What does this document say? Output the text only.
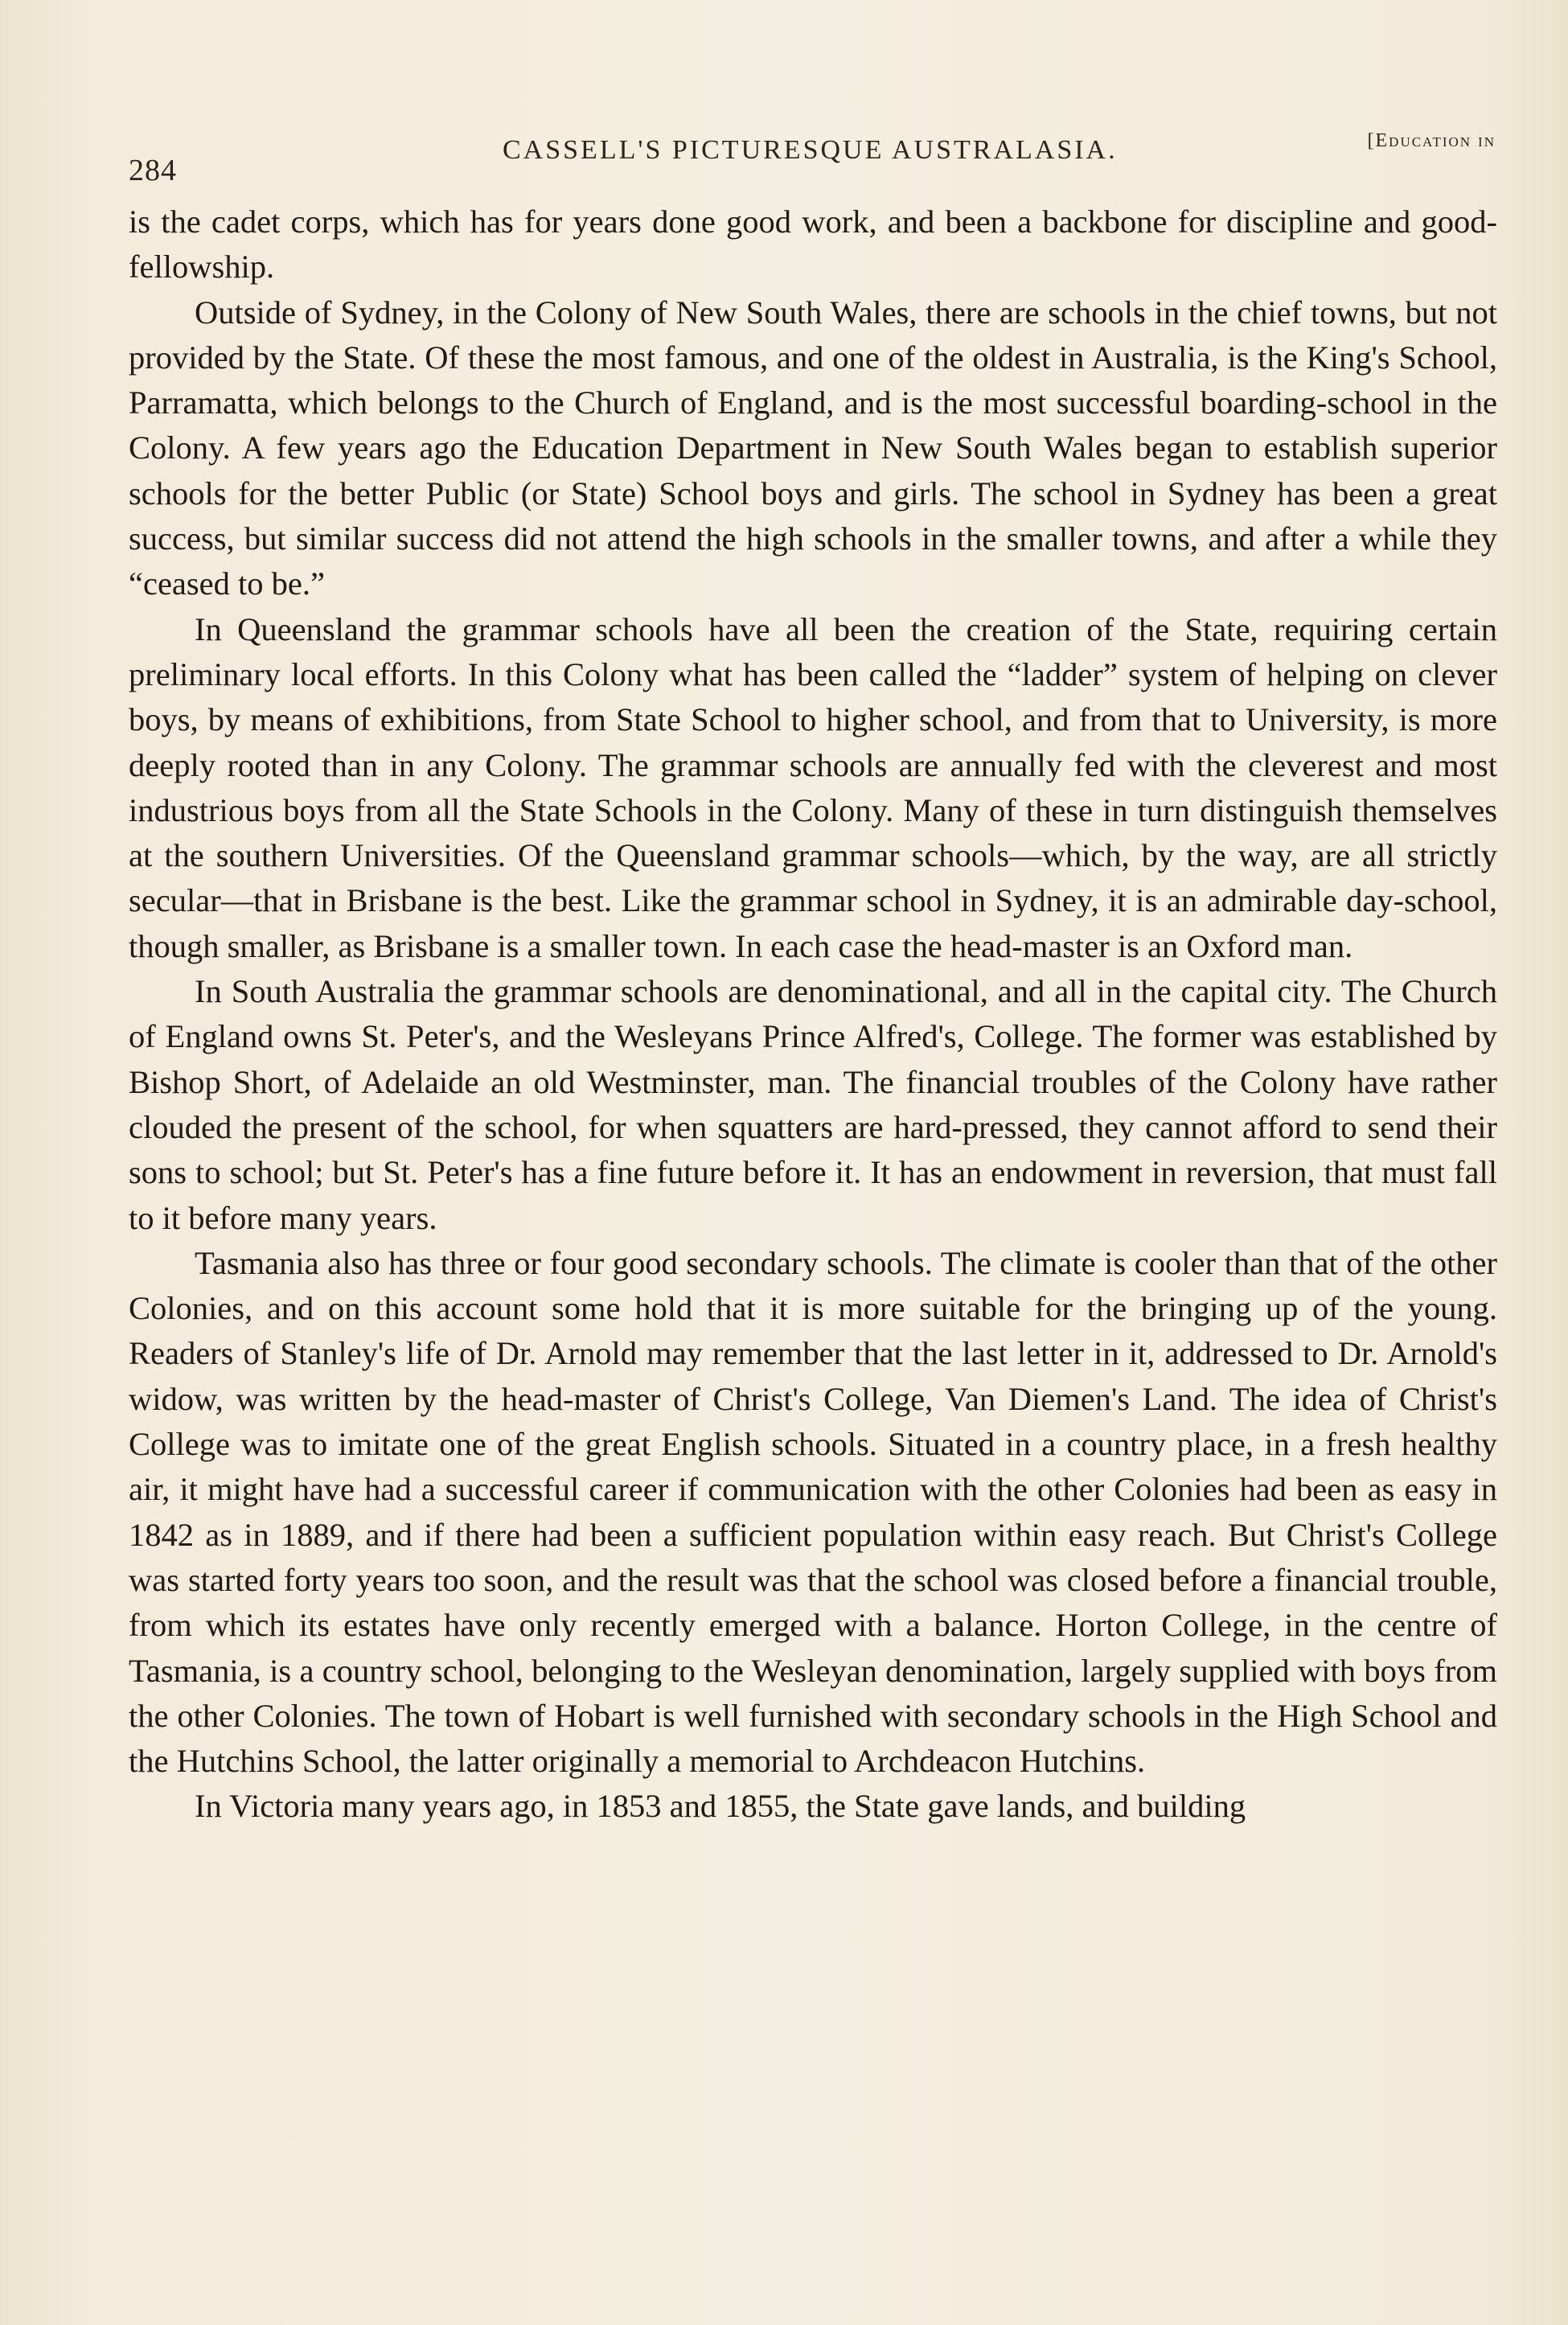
284
CASSELL'S PICTURESQUE AUSTRALASIA.	[Education in

is the cadet corps, which has for years done good work, and been a backbone for discipline and good-fellowship.

Outside of Sydney, in the Colony of New South Wales, there are schools in the chief towns, but not provided by the State. Of these the most famous, and one of the oldest in Australia, is the King's School, Parramatta, which belongs to the Church of England, and is the most successful boarding-school in the Colony. A few years ago the Education Department in New South Wales began to establish superior schools for the better Public (or State) School boys and girls. The school in Sydney has been a great success, but similar success did not attend the high schools in the smaller towns, and after a while they “ceased to be.”

In Queensland the grammar schools have all been the creation of the State, requiring certain preliminary local efforts. In this Colony what has been called the “ladder” system of helping on clever boys, by means of exhibitions, from State School to higher school, and from that to University, is more deeply rooted than in any Colony. The grammar schools are annually fed with the cleverest and most industrious boys from all the State Schools in the Colony. Many of these in turn distinguish themselves at the southern Universities. Of the Queensland grammar schools—which, by the way, are all strictly secular—that in Brisbane is the best. Like the grammar school in Sydney, it is an admirable day-school, though smaller, as Brisbane is a smaller town. In each case the head-master is an Oxford man.

In South Australia the grammar schools are denominational, and all in the capital city. The Church of England owns St. Peter's, and the Wesleyans Prince Alfred's, College. The former was established by Bishop Short, of Adelaide an old Westminster, man. The financial troubles of the Colony have rather clouded the present of the school, for when squatters are hard-pressed, they cannot afford to send their sons to school; but St. Peter's has a fine future before it. It has an endowment in reversion, that must fall to it before many years.

Tasmania also has three or four good secondary schools. The climate is cooler than that of the other Colonies, and on this account some hold that it is more suitable for the bringing up of the young. Readers of Stanley's life of Dr. Arnold may remember that the last letter in it, addressed to Dr. Arnold's widow, was written by the head-master of Christ's College, Van Diemen's Land. The idea of Christ's College was to imitate one of the great English schools. Situated in a country place, in a fresh healthy air, it might have had a successful career if communication with the other Colonies had been as easy in 1842 as in 1889, and if there had been a sufficient population within easy reach. But Christ's College was started forty years too soon, and the result was that the school was closed before a financial trouble, from which its estates have only recently emerged with a balance. Horton College, in the centre of Tasmania, is a country school, belonging to the Wesleyan denomination, largely supplied with boys from the other Colonies. The town of Hobart is well furnished with secondary schools in the High School and the Hutchins School, the latter originally a memorial to Archdeacon Hutchins.

In Victoria many years ago, in 1853 and 1855, the State gave lands, and building
